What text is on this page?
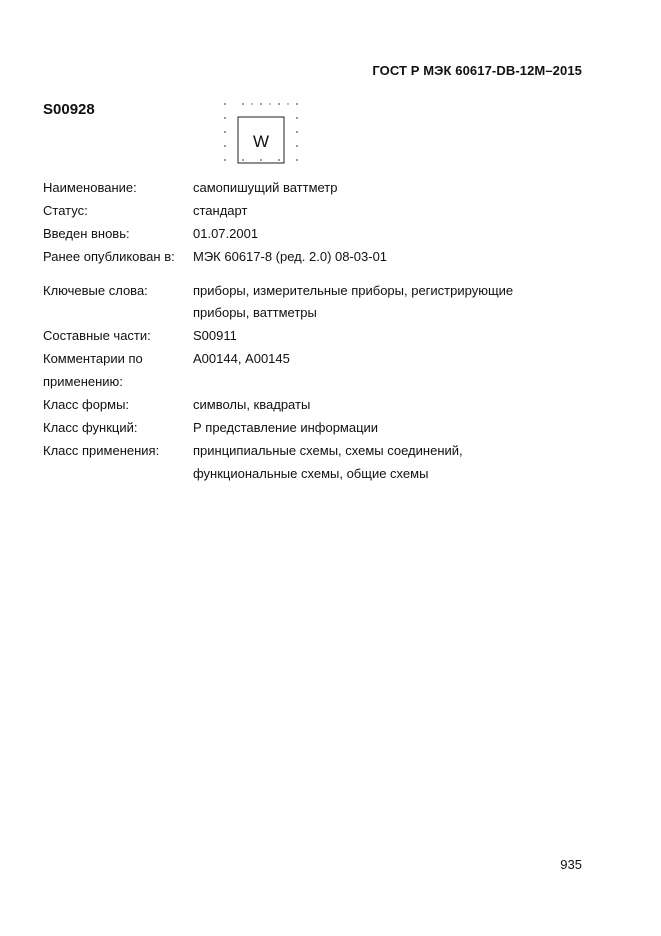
ГОСТ Р МЭК 60617-DB-12М–2015
S00928
W
Наименование:	самопишущий ваттметр
Статус:	стандарт
Введен вновь:	01.07.2001
Ранее опубликован в: МЭК 60617-8 (ред. 2.0) 08-03-01
Ключевые слова:	приборы, измерительные приборы, регистрирующие
приборы, ваттметры
Составные части:	S00911
Комментарии по	А00144, А00145
применению:
Класс формы:	символы, квадраты
Класс функций:	Р представление информации
Класс применения:	принципиальные схемы, схемы соединений,
функциональные схемы, общие схемы
935
